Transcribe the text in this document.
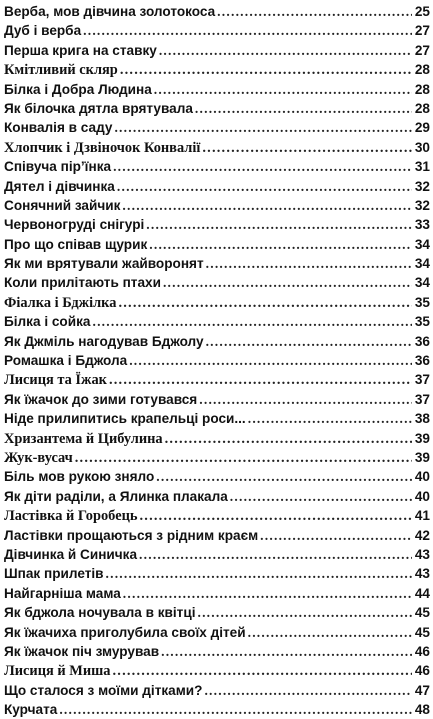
Верба, мов дівчина золотокоса .....	25
Дуб і верба .....	27
Перша крига на ставку .....	27
Кмітливий скляр .....	28
Білка і Добра Людина .....	28
Як білочка дятла врятувала .....	28
Конвалія в саду .....	29
Хлопчик і Дзвіночок Конвалії .....	30
Співуча пір’їнка .....	31
Дятел і дівчинка .....	32
Сонячний зайчик .....	32
Червоногруді снігурі .....	33
Про що співав щурик .....	34
Як ми врятували жайворонят .....	34
Коли прилітають птахи .....	34
Фіалка і Бджілка .....	35
Білка і сойка .....	35
Як Джміль нагодував Бджолу .....	36
Ромашка і Бджола .....	36
Лисиця та Їжак .....	37
Як їжачок до зими готувався .....	37
Ніде прилипитись крапельці роси... .....	38
Хризантема й Цибулина .....	39
Жук-вусач .....	39
Біль мов рукою зняло .....	40
Як діти раділи, а Ялинка плакала .....	40
Ластівка й Горобець .....	41
Ластівки прощаються з рідним краєм .....	42
Дівчинка й Синичка .....	43
Шпак прилетів .....	43
Найгарніша мама .....	44
Як бджола ночувала в квітці .....	45
Як їжачиха приголубила своїх дітей .....	45
Як їжачок піч змурував .....	46
Лисиця й Миша .....	46
Що сталося з моїми дітками? .....	47
Курчата .....	48
